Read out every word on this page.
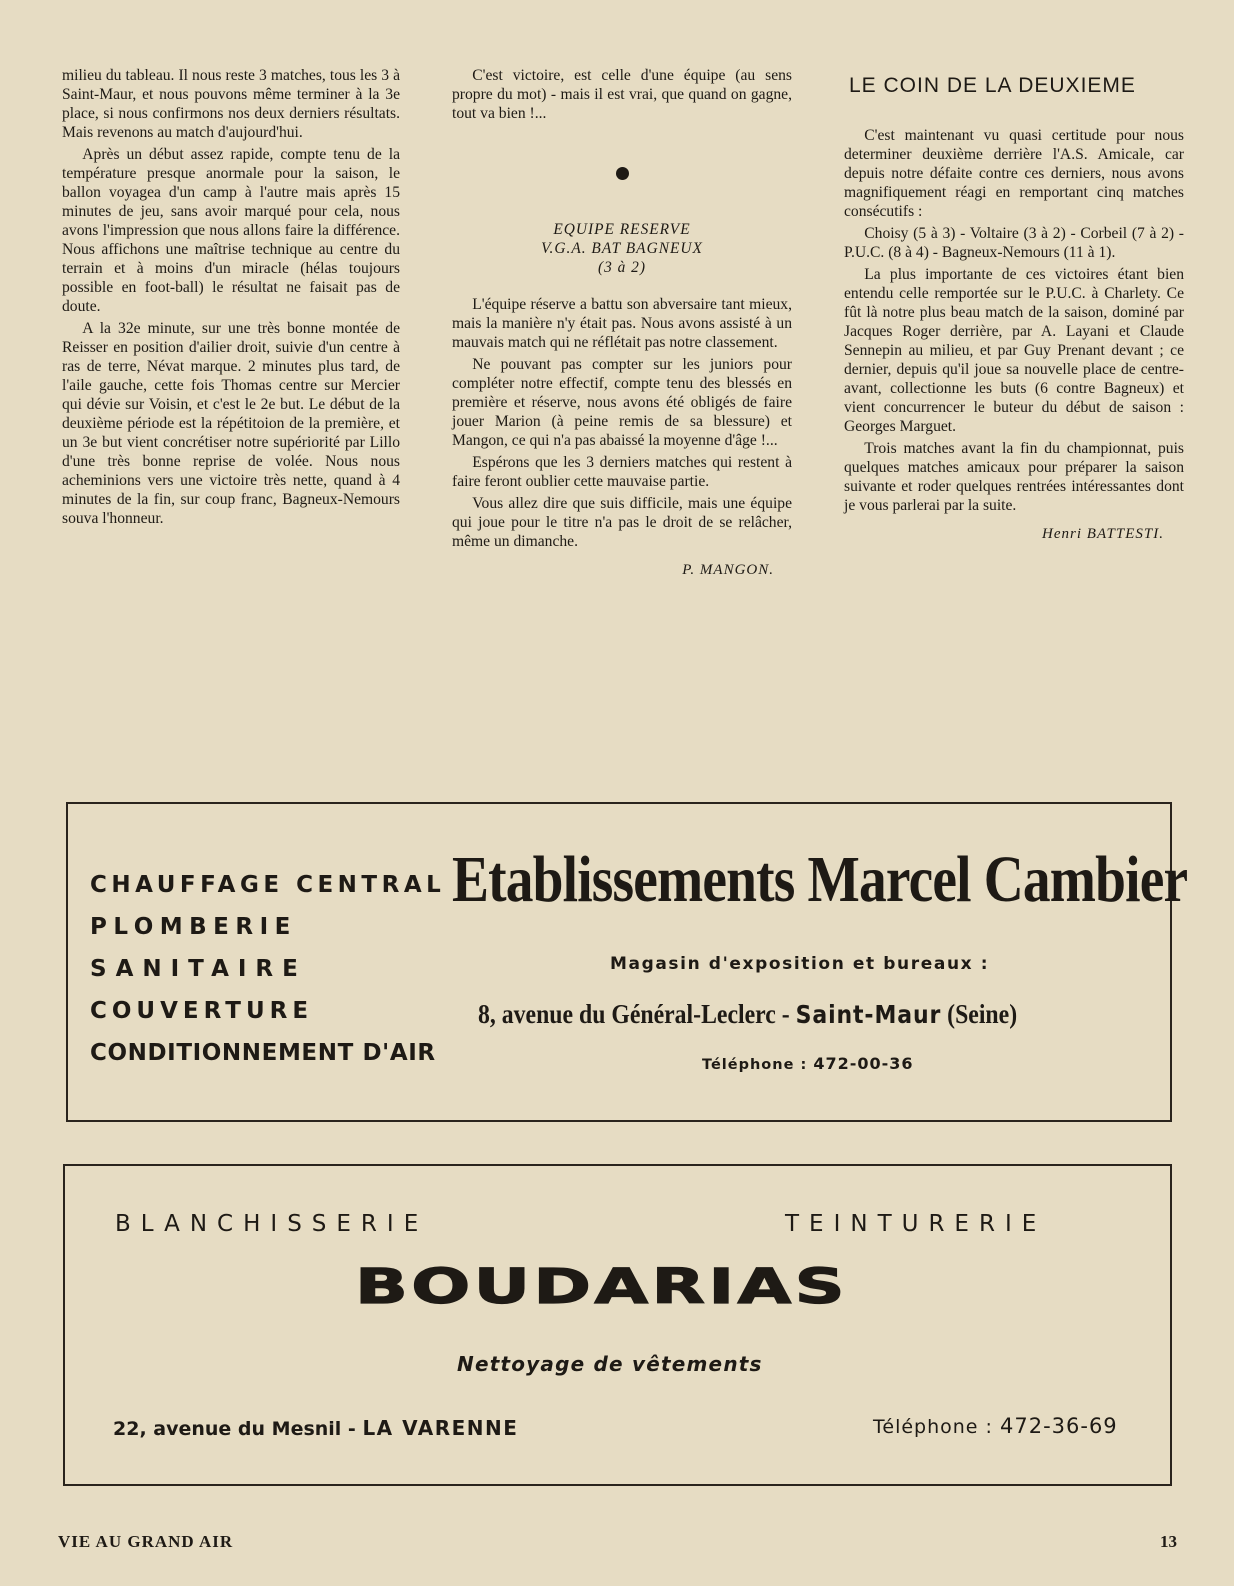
milieu du tableau. Il nous reste 3 matches, tous les 3 à Saint-Maur, et nous pouvons même terminer à la 3e place, si nous confirmons nos deux derniers résultats. Mais revenons au match d'aujourd'hui.

Après un début assez rapide, compte tenu de la température presque anormale pour la saison, le ballon voyagea d'un camp à l'autre mais après 15 minutes de jeu, sans avoir marqué pour cela, nous avons l'impression que nous allons faire la différence. Nous affichons une maîtrise technique au centre du terrain et à moins d'un miracle (hélas toujours possible en foot-ball) le résultat ne faisait pas de doute.

A la 32e minute, sur une très bonne montée de Reisser en position d'ailier droit, suivie d'un centre à ras de terre, Névat marque. 2 minutes plus tard, de l'aile gauche, cette fois Thomas centre sur Mercier qui dévie sur Voisin, et c'est le 2e but. Le début de la deuxième période est la répétitoion de la première, et un 3e but vient concrétiser notre supériorité par Lillo d'une très bonne reprise de volée. Nous nous acheminions vers une victoire très nette, quand à 4 minutes de la fin, sur coup franc, Bagneux-Nemours souva l'honneur.

C'est victoire, est celle d'une équipe (au sens propre du mot) - mais il est vrai, que quand on gagne, tout va bien !...

EQUIPE RESERVE
V.G.A. BAT BAGNEUX
(3 à 2)

L'équipe réserve a battu son abversaire tant mieux, mais la manière n'y était pas. Nous avons assisté à un mauvais match qui ne réflétait pas notre classement.

Ne pouvant pas compter sur les juniors pour compléter notre effectif, compte tenu des blessés en première et réserve, nous avons été obligés de faire jouer Marion (à peine remis de sa blessure) et Mangon, ce qui n'a pas abaissé la moyenne d'âge !...

Espérons que les 3 derniers matches qui restent à faire feront oublier cette mauvaise partie.

Vous allez dire que suis difficile, mais une équipe qui joue pour le titre n'a pas le droit de se relâcher, même un dimanche.

P. MANGON.
LE COIN DE LA DEUXIEME

C'est maintenant vu quasi certitude pour nous determiner deuxième derrière l'A.S. Amicale, car depuis notre défaite contre ces derniers, nous avons magnifiquement réagi en remportant cinq matches consécutifs :

Choisy (5 à 3) - Voltaire (3 à 2) - Corbeil (7 à 2) - P.U.C. (8 à 4) - Bagneux-Nemours (11 à 1).

La plus importante de ces victoires étant bien entendu celle remportée sur le P.U.C. à Charlety. Ce fût là notre plus beau match de la saison, dominé par Jacques Roger derrière, par A. Layani et Claude Sennepin au milieu, et par Guy Prenant devant ; ce dernier, depuis qu'il joue sa nouvelle place de centre-avant, collectionne les buts (6 contre Bagneux) et vient concurrencer le buteur du début de saison : Georges Marguet.

Trois matches avant la fin du championnat, puis quelques matches amicaux pour préparer la saison suivante et roder quelques rentrées intéressantes dont je vous parlerai par la suite.

Henri BATTESTI.
CHAUFFAGE CENTRAL
PLOMBERIE
SANITAIRE
COUVERTURE
CONDITIONNEMENT D'AIR
Etablissements Marcel Cambier
Magasin d'exposition et bureaux :
8, avenue du Général-Leclerc - Saint-Maur (Seine)
Téléphone : 472-00-36
BLANCHISSERIE	TEINTURERIE
BOUDARIAS
Nettoyage de vêtements
22, avenue du Mesnil - LA VARENNE	Téléphone : 472-36-69
VIE AU GRAND AIR	13
